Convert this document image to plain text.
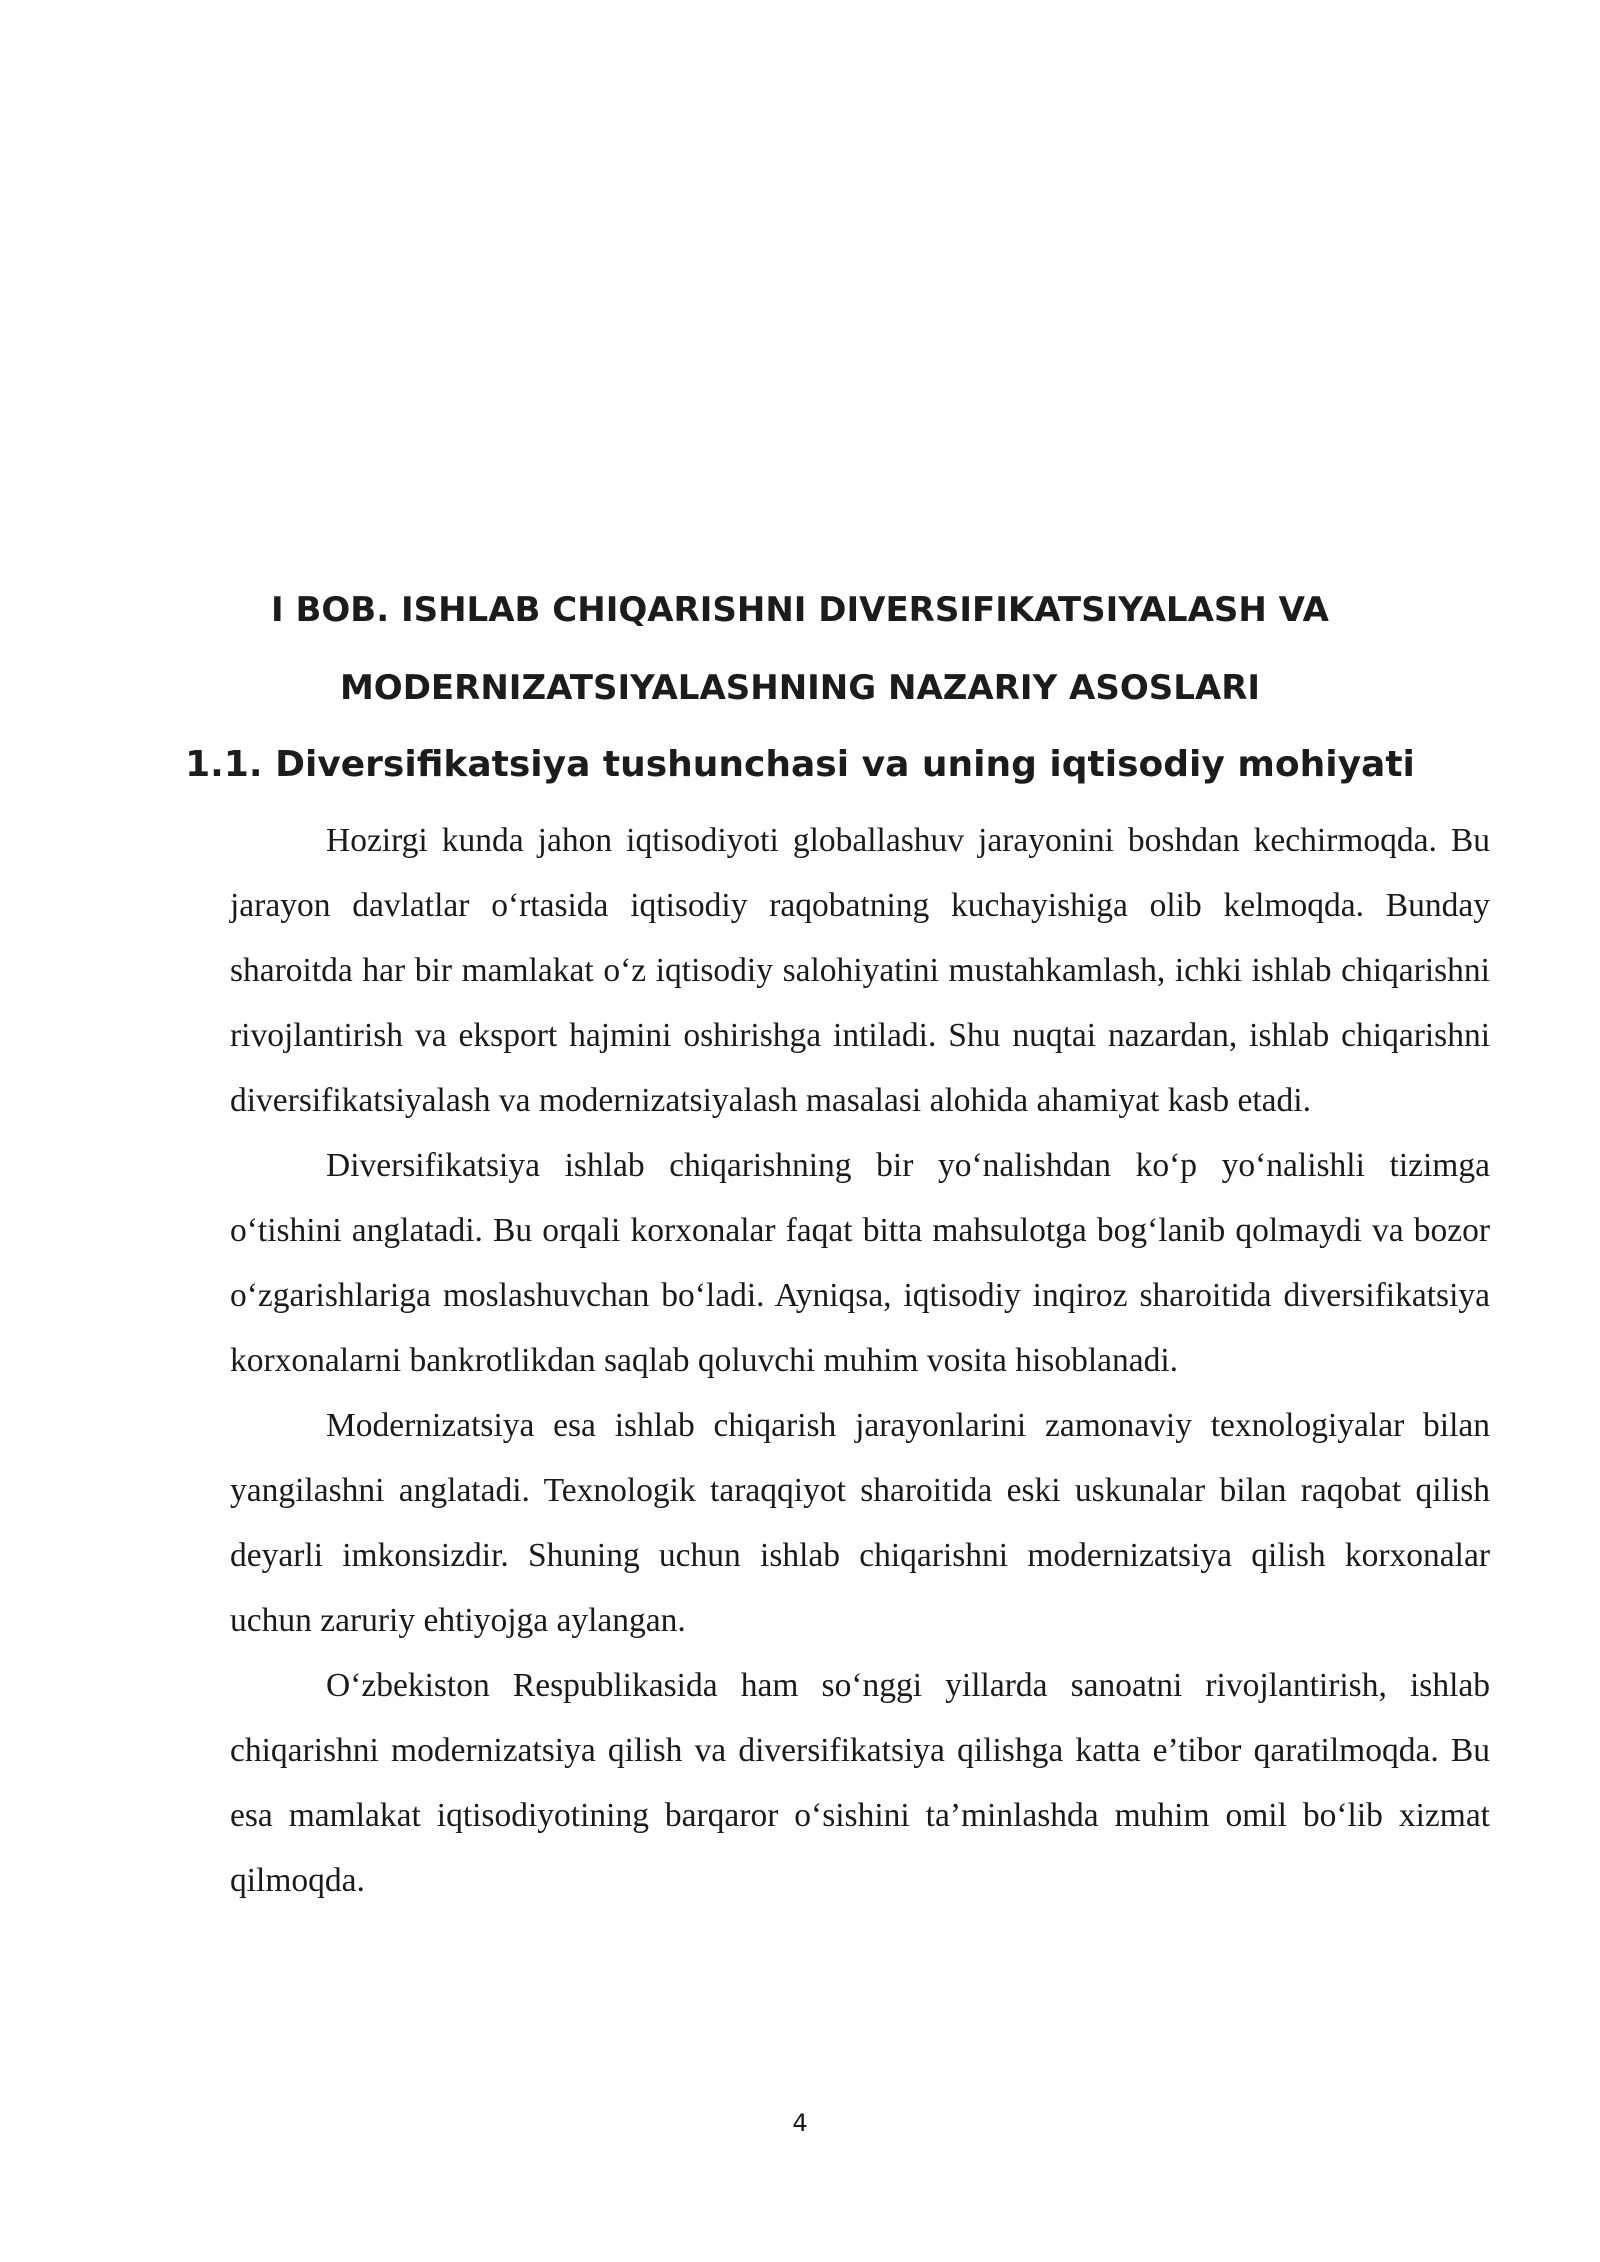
I BOB. ISHLAB CHIQARISHNI DIVERSIFIKATSIYALASH VA
MODERNIZATSIYALASHNING NAZARIY ASOSLARI
1.1. Diversifikatsiya tushunchasi va uning iqtisodiy mohiyati

Hozirgi kunda jahon iqtisodiyoti globallashuv jarayonini boshdan kechirmoqda. Bu jarayon davlatlar o‘rtasida iqtisodiy raqobatning kuchayishiga olib kelmoqda. Bunday sharoitda har bir mamlakat o‘z iqtisodiy salohiyatini mustahkamlash, ichki ishlab chiqarishni rivojlantirish va eksport hajmini oshirishga intiladi. Shu nuqtai nazardan, ishlab chiqarishni diversifikatsiyalash va modernizatsiyalash masalasi alohida ahamiyat kasb etadi.

Diversifikatsiya ishlab chiqarishning bir yo‘nalishdan ko‘p yo‘nalishli tizimga o‘tishini anglatadi. Bu orqali korxonalar faqat bitta mahsulotga bog‘lanib qolmaydi va bozor o‘zgarishlariga moslashuvchan bo‘ladi. Ayniqsa, iqtisodiy inqiroz sharoitida diversifikatsiya korxonalarni bankrotlikdan saqlab qoluvchi muhim vosita hisoblanadi.

Modernizatsiya esa ishlab chiqarish jarayonlarini zamonaviy texnologiyalar bilan yangilashni anglatadi. Texnologik taraqqiyot sharoitida eski uskunalar bilan raqobat qilish deyarli imkonsizdir. Shuning uchun ishlab chiqarishni modernizatsiya qilish korxonalar uchun zaruriy ehtiyojga aylangan.

O‘zbekiston Respublikasida ham so‘nggi yillarda sanoatni rivojlantirish, ishlab chiqarishni modernizatsiya qilish va diversifikatsiya qilishga katta e’tibor qaratilmoqda. Bu esa mamlakat iqtisodiyotining barqaror o‘sishini ta’minlashda muhim omil bo‘lib xizmat qilmoqda.

4
